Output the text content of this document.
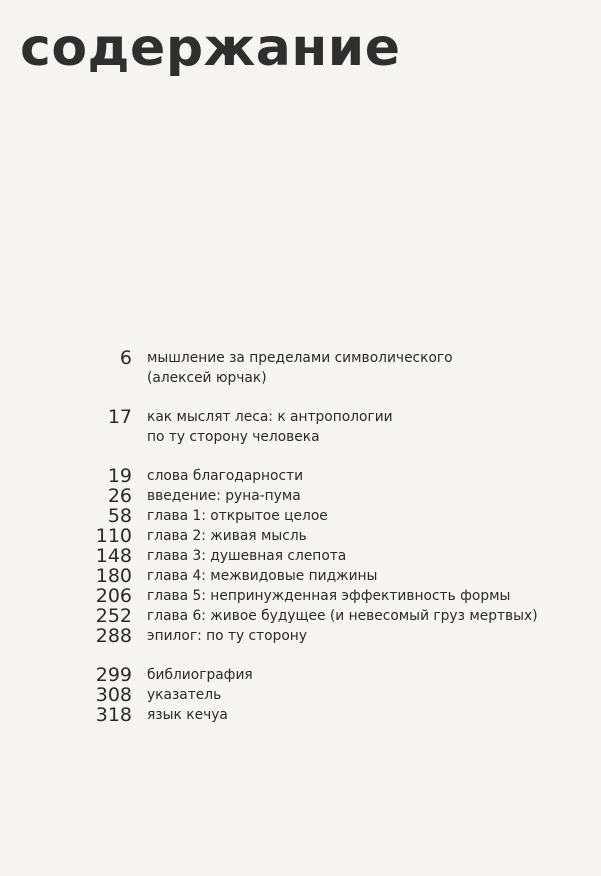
содержание
6 мышление за пределами символического
(алексей юрчак)
17 как мыслят леса: к антропологии
по ту сторону человека
19 слова благодарности
26 введение: руна-пума
58 глава 1: открытое целое
110 глава 2: живая мысль
148 глава 3: душевная слепота
180 глава 4: межвидовые пиджины
206 глава 5: непринужденная эффективность формы
252 глава 6: живое будущее (и невесомый груз мертвых)
288 эпилог: по ту сторону
299 библиография
308 указатель
318 язык кечуа
